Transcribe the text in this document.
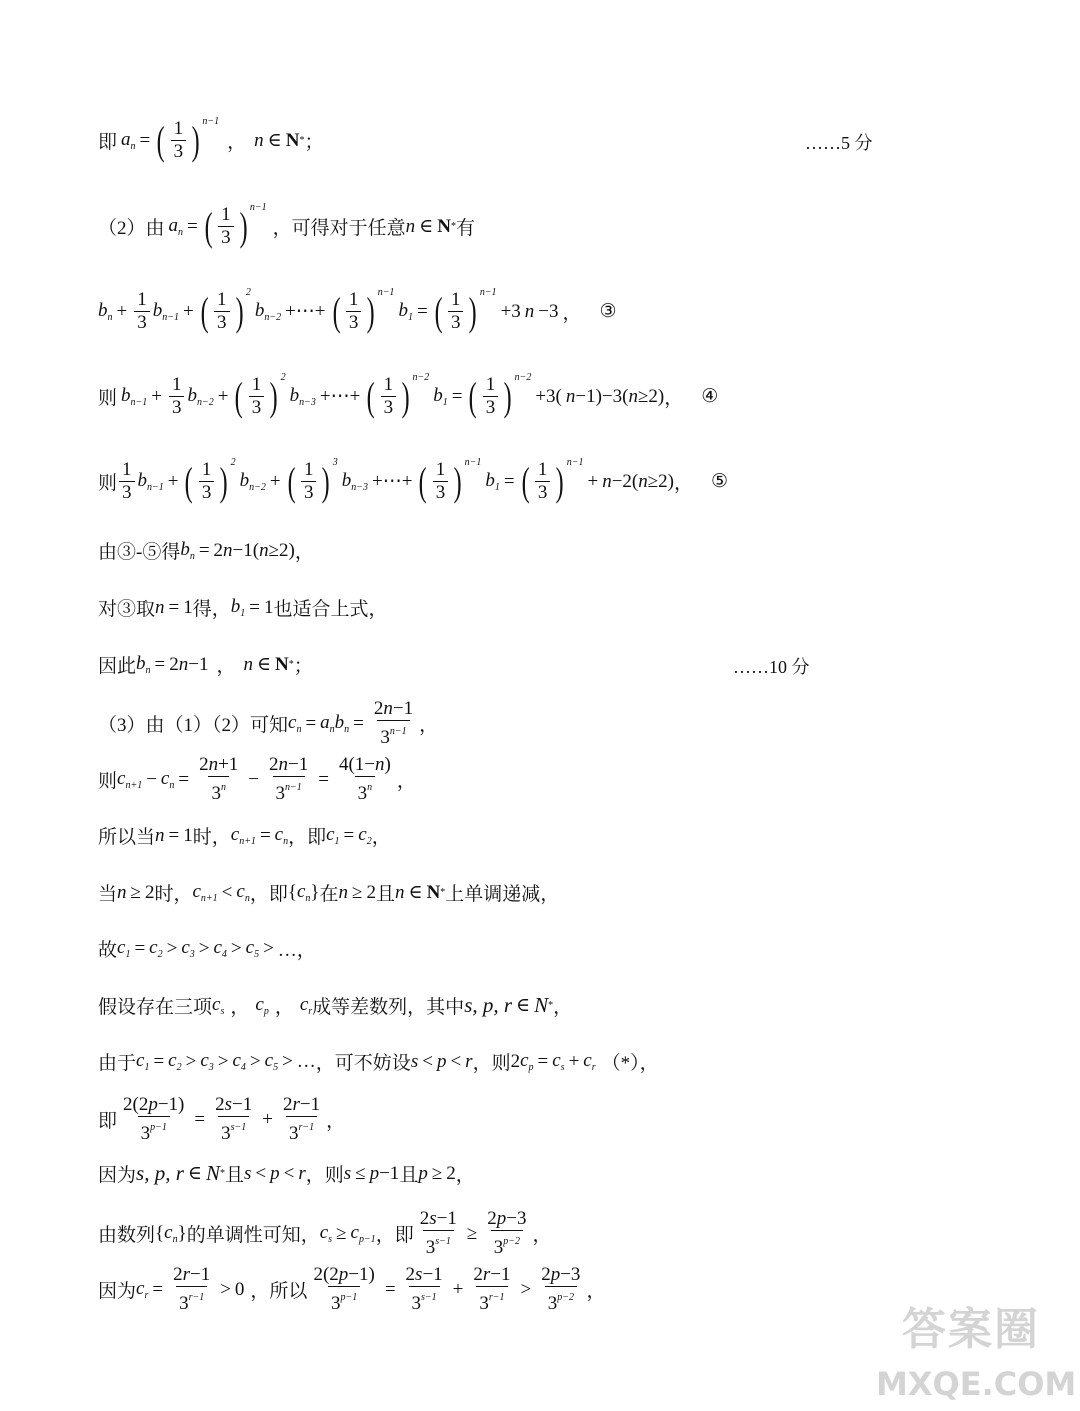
即 $a_n$ = ( $\frac{1}{3}$ ) n−1
， n ∈ N * ；	……5 分
（2）由 $a_n$ = ( $\frac{1}{3}$ ) n−1
，可得对于任意 n ∈ N * 有
$b_n + \frac{1}{3} b_{n-1}$ + ( $\frac{1}{3}$ ) 2
$b_{n-2}$ +⋯+ ( $\frac{1}{3}$ ) n−1
$b_1$ = ( $\frac{1}{3}$ ) n−1
+3 n −3 ， ③
则 $b_{n-1} + \frac{1}{3} b_{n-2}$ + ( $\frac{1}{3}$ ) 2
$b_{n-3}$ +⋯+ ( $\frac{1}{3}$ ) n−2
$b_1$ = ( $\frac{1}{3}$ ) n−2
+3( n −1)−3( n ≥2) ， ④
则 $\frac{1}{3} b_{n-1}$ + ( $\frac{1}{3}$ ) 2
$b_{n-2}$ + ( $\frac{1}{3}$ ) 3
$b_{n-3}$ +⋯+ ( $\frac{1}{3}$ ) n−1
$b_1$ = ( $\frac{1}{3}$ ) n−1
+ n −2( n ≥2) ， ⑤
由③-⑤得 $b_n = 2$ n −1( n ≥2) ，
对③取 n = 1 得， $b_1 = 1$ 也适合上式，
因此 $b_n = 2$ n −1 ， n ∈ N * ；	……10 分
（3）由（1）（2）可知 $c_n = a_nb_n = \frac{2n-1}{3^{n-1}}$ ，
则 $c_{n+1} - c_n = \frac{2n+1}{3^n} - \frac{2n-1}{3^{n-1}} = \frac{4(1-n)}{3^n}$ ，
所以当 n = 1 时， $c_{n+1} = c_n$ ，即 $c_1 = c_2$ ，
当 n ≥ 2 时， $c_{n+1} < c_n$ ，即 { $c_n$ } 在 n ≥ 2 且 n ∈ N * 上单调递减，
故 $c_1 = c_2 > c_3 > c_4 > c_5$ > …，
假设存在三项 $c_s$ ， $c_p$ ， $c_r$ 成等差数列，其中 s, p, r ∈ N * ，
由于 $c_1 = c_2 > c_3 > c_4 > c_5$ > … ，可不妨设 s < p < r ，则 2 $c_p = c_s + c_r$ （*），
即 $\frac{2(2p-1)}{3^{p-1}} = \frac{2s-1}{3^{s-1}} + \frac{2r-1}{3^{r-1}}$ ，
因为 s, p, r ∈ N * 且 s < p < r ，则 s ≤ p −1 且 p ≥ 2 ，
由数列 { $c_n$ } 的单调性可知， $c_s \ge c_{p-1}$ ，即 $\frac{2s-1}{3^{s-1}} \ge \frac{2p-3}{3^{p-2}}$ ，
因为 $c_r = \frac{2r-1}{3^{r-1}} > 0$ ，所以 $\frac{2(2p-1)}{3^{p-1}} = \frac{2s-1}{3^{s-1}} + \frac{2r-1}{3^{r-1}} > \frac{2p-3}{3^{p-2}}$ ，
答案圈
MXQE.COM
